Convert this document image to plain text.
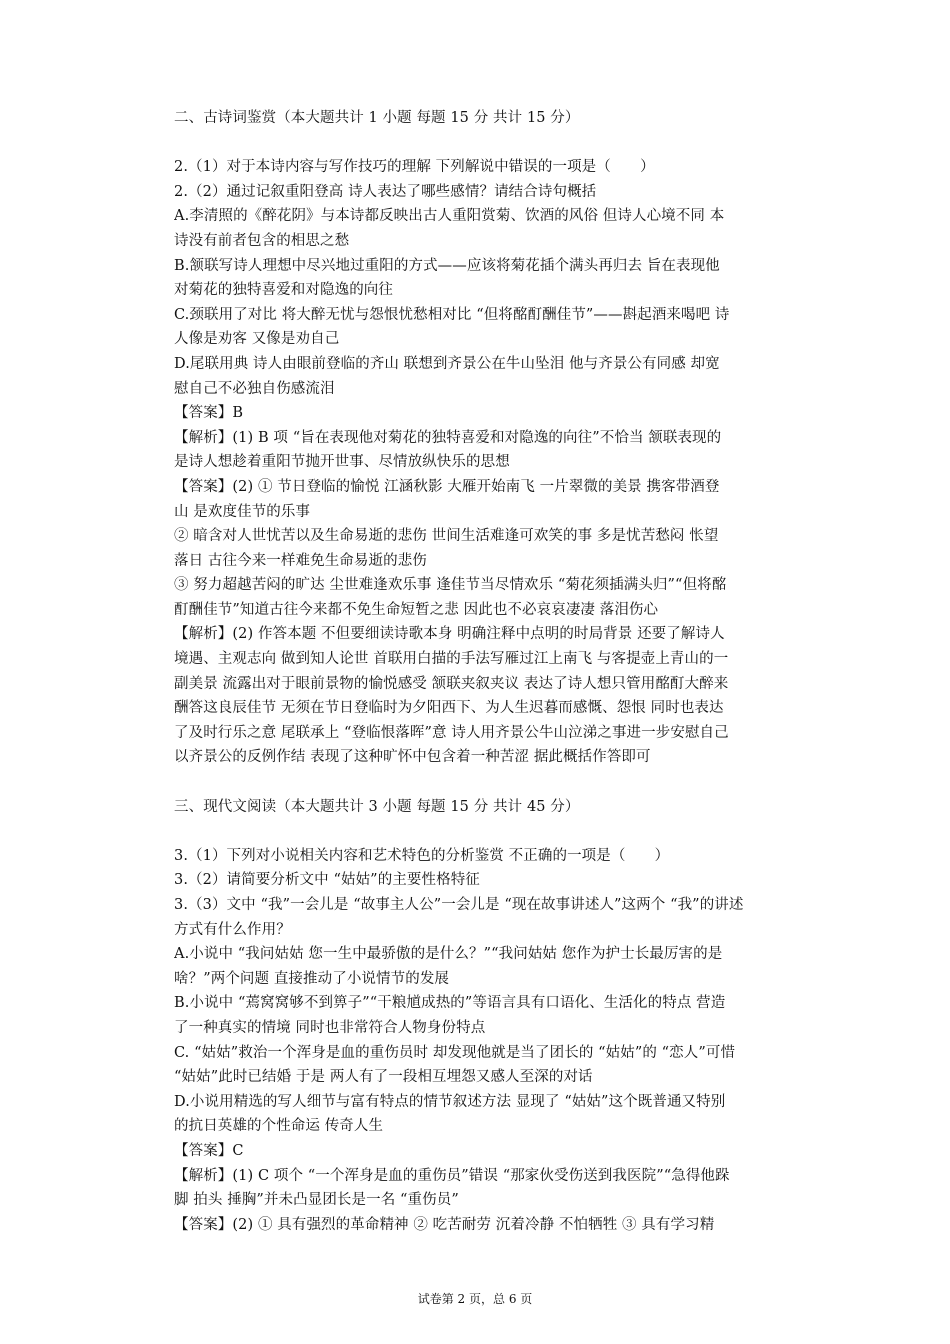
二、古诗词鉴赏（本大题共计 1 小题 每题 15 分 共计 15 分）
2.（1）对于本诗内容与写作技巧的理解 下列解说中错误的一项是（　　）
2.（2）通过记叙重阳登高 诗人表达了哪些感情？请结合诗句概括
A.李清照的《醉花阴》与本诗都反映出古人重阳赏菊、饮酒的风俗 但诗人心境不同 本
诗没有前者包含的相思之愁
B.颔联写诗人理想中尽兴地过重阳的方式——应该将菊花插个满头再归去 旨在表现他
对菊花的独特喜爱和对隐逸的向往
C.颈联用了对比 将大醉无忧与怨恨忧愁相对比 “但将酩酊酬佳节”——斟起酒来喝吧 诗
人像是劝客 又像是劝自己
D.尾联用典 诗人由眼前登临的齐山 联想到齐景公在牛山坠泪 他与齐景公有同感 却宽
慰自己不必独自伤感流泪
【答案】B
【解析】(1) B 项 “旨在表现他对菊花的独特喜爱和对隐逸的向往”不恰当 颔联表现的
是诗人想趁着重阳节抛开世事、尽情放纵快乐的思想
【答案】(2) ① 节日登临的愉悦 江涵秋影 大雁开始南飞 一片翠微的美景 携客带酒登
山 是欢度佳节的乐事
② 暗含对人世忧苦以及生命易逝的悲伤 世间生活难逢可欢笑的事 多是忧苦愁闷 怅望
落日 古往今来一样难免生命易逝的悲伤
③ 努力超越苦闷的旷达 尘世难逢欢乐事 逢佳节当尽情欢乐 “菊花须插满头归”“但将酩
酊酬佳节”知道古往今来都不免生命短暂之悲 因此也不必哀哀凄凄 落泪伤心
【解析】(2) 作答本题 不但要细读诗歌本身 明确注释中点明的时局背景 还要了解诗人
境遇、主观志向 做到知人论世 首联用白描的手法写雁过江上南飞 与客提壶上青山的一
副美景 流露出对于眼前景物的愉悦感受 颔联夹叙夹议 表达了诗人想只管用酩酊大醉来
酬答这良辰佳节 无须在节日登临时为夕阳西下、为人生迟暮而感慨、怨恨 同时也表达
了及时行乐之意 尾联承上 “登临恨落晖”意 诗人用齐景公牛山泣涕之事进一步安慰自己
以齐景公的反例作结 表现了这种旷怀中包含着一种苦涩 据此概括作答即可
三、现代文阅读（本大题共计 3 小题 每题 15 分 共计 45 分）
3.（1）下列对小说相关内容和艺术特色的分析鉴赏 不正确的一项是（　　）
3.（2）请简要分析文中 “姑姑”的主要性格特征
3.（3）文中 “我”一会儿是 “故事主人公”一会儿是 “现在故事讲述人”这两个 “我”的讲述
方式有什么作用？
A.小说中 “我问姑姑 您一生中最骄傲的是什么？”“我问姑姑 您作为护士长最厉害的是
啥？”两个问题 直接推动了小说情节的发展
B.小说中 “蔫窝窝够不到箅子”“干粮馗成热的”等语言具有口语化、生活化的特点 营造
了一种真实的情境 同时也非常符合人物身份特点
C. “姑姑”救治一个浑身是血的重伤员时 却发现他就是当了团长的 “姑姑”的 “恋人”可惜
“姑姑”此时已结婚 于是 两人有了一段相互埋怨又感人至深的对话
D.小说用精选的写人细节与富有特点的情节叙述方法 显现了 “姑姑”这个既普通又特别
的抗日英雄的个性命运 传奇人生
【答案】C
【解析】(1) C 项个 “一个浑身是血的重伤员”错误 “那家伙受伤送到我医院”“急得他跺
脚 拍头 捶胸”并未凸显团长是一名 “重伤员”
【答案】(2) ① 具有强烈的革命精神 ② 吃苦耐劳 沉着冷静 不怕牺牲 ③ 具有学习精
试卷第 2 页，总 6 页
